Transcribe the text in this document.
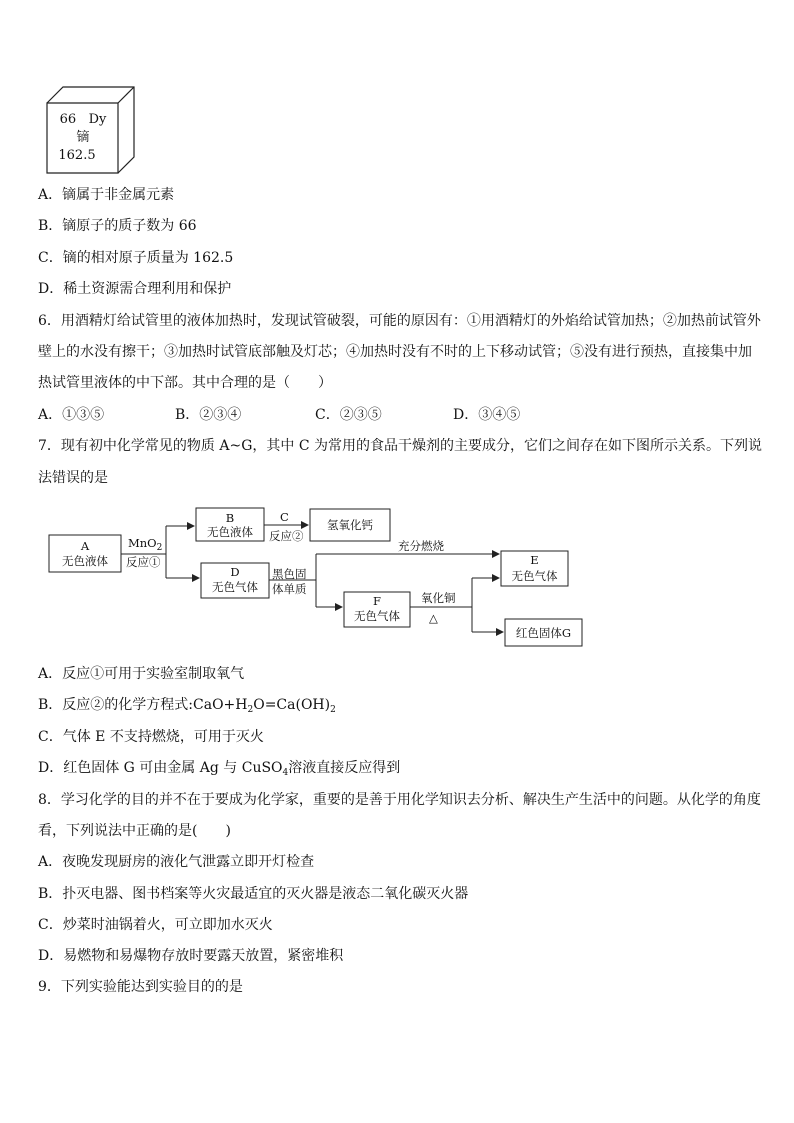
66 Dy
镝
162.5
A．镝属于非金属元素
B．镝原子的质子数为 66
C．镝的相对原子质量为 162.5
D．稀土资源需合理利用和保护
6．用酒精灯给试管里的液体加热时，发现试管破裂，可能的原因有：①用酒精灯的外焰给试管加热；②加热前试管外
壁上的水没有擦干；③加热时试管底部触及灯芯；④加热时没有不时的上下移动试管；⑤没有进行预热，直接集中加
热试管里液体的中下部。其中合理的是（　　）
A．①③⑤	B．②③④	C．②③⑤	D．③④⑤
7．现有初中化学常见的物质 A~G，其中 C 为常用的食品干燥剂的主要成分，它们之间存在如下图所示关系。下列说
法错误的是
A
无色液体
MnO$_2$
反应①
B
无色液体
C
反应②
氢氧化钙
D
无色气体
黑色固
体单质
充分燃烧
E
无色气体
F
无色气体
氧化铜
△
红色固体G
A．反应①可用于实验室制取氧气
B．反应②的化学方程式$:CaO+H_2O=Ca(OH)_2$
C．气体 E 不支持燃烧，可用于灭火
D．红色固体 G 可由金属 Ag 与 CuSO$_4$溶液直接反应得到
8．学习化学的目的并不在于要成为化学家，重要的是善于用化学知识去分析、解决生产生活中的问题。从化学的角度
看，下列说法中正确的是(　　)
A．夜晚发现厨房的液化气泄露立即开灯检查
B．扑灭电器、图书档案等火灾最适宜的灭火器是液态二氧化碳灭火器
C．炒菜时油锅着火，可立即加水灭火
D．易燃物和易爆物存放时要露天放置，紧密堆积
9．下列实验能达到实验目的的是
